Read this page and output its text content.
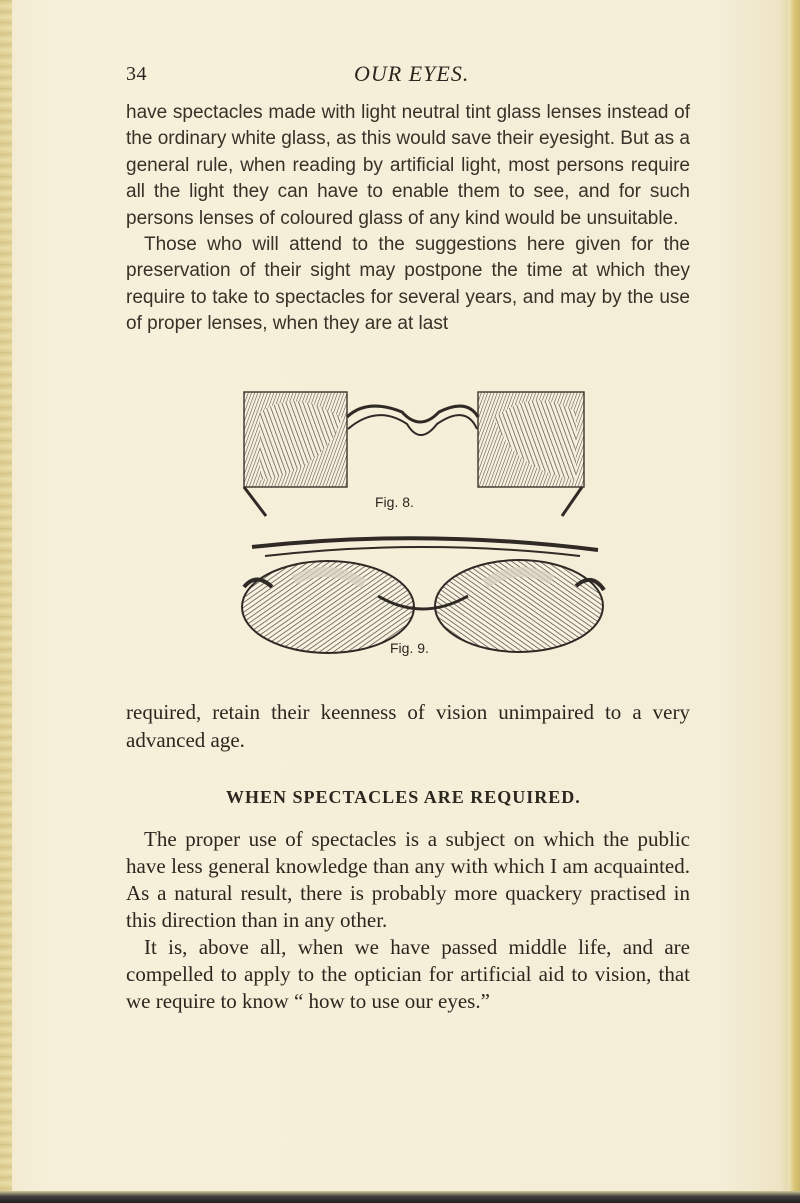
34	OUR EYES.

have spectacles made with light neutral tint glass lenses instead of the ordinary white glass, as this would save their eyesight. But as a general rule, when reading by artificial light, most persons require all the light they can have to enable them to see, and for such persons lenses of coloured glass of any kind would be unsuitable.

Those who will attend to the suggestions here given for the preservation of their sight may postpone the time at which they require to take to spectacles for several years, and may by the use of proper lenses, when they are at last

Fig. 8.
Fig. 9.

required, retain their keenness of vision unimpaired to a very advanced age.

WHEN SPECTACLES ARE REQUIRED.

The proper use of spectacles is a subject on which the public have less general knowledge than any with which I am acquainted. As a natural result, there is probably more quackery practised in this direction than in any other.

It is, above all, when we have passed middle life, and are compelled to apply to the optician for artificial aid to vision, that we require to know “ how to use our eyes.”
